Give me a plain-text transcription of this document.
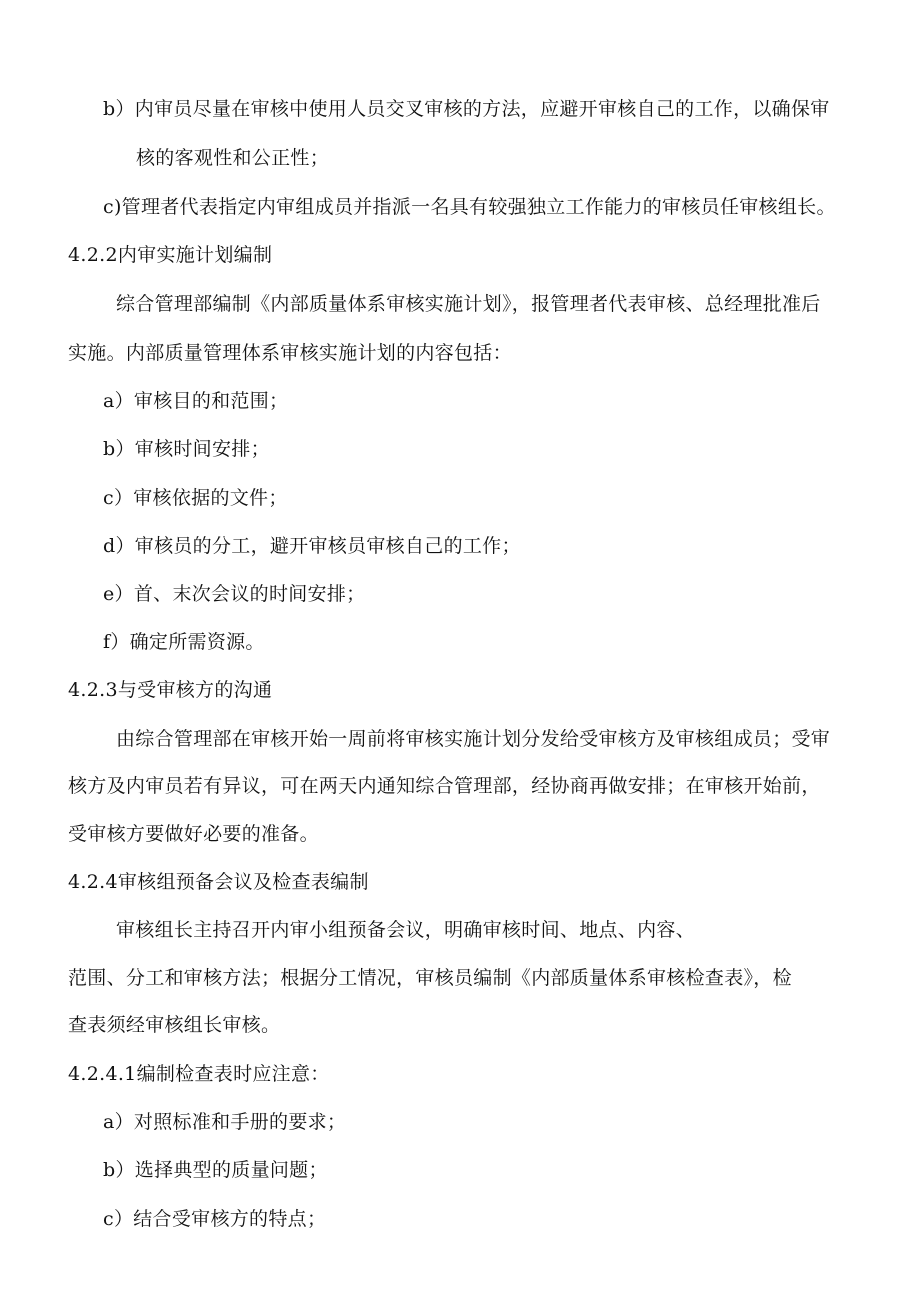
b）内审员尽量在审核中使用人员交叉审核的方法，应避开审核自己的工作，以确保审
核的客观性和公正性；
c)管理者代表指定内审组成员并指派一名具有较强独立工作能力的审核员任审核组长。
4.2.2内审实施计划编制
综合管理部编制《内部质量体系审核实施计划》，报管理者代表审核、总经理批准后
实施。内部质量管理体系审核实施计划的内容包括：
a）审核目的和范围；
b）审核时间安排；
c）审核依据的文件；
d）审核员的分工，避开审核员审核自己的工作；
e）首、末次会议的时间安排；
f）确定所需资源。
4.2.3与受审核方的沟通
由综合管理部在审核开始一周前将审核实施计划分发给受审核方及审核组成员；受审
核方及内审员若有异议，可在两天内通知综合管理部，经协商再做安排；在审核开始前，
受审核方要做好必要的准备。
4.2.4审核组预备会议及检查表编制
审核组长主持召开内审小组预备会议，明确审核时间、地点、内容、
范围、分工和审核方法；根据分工情况，审核员编制《内部质量体系审核检查表》，检
查表须经审核组长审核。
4.2.4.1编制检查表时应注意：
a）对照标准和手册的要求；
b）选择典型的质量问题；
c）结合受审核方的特点；
